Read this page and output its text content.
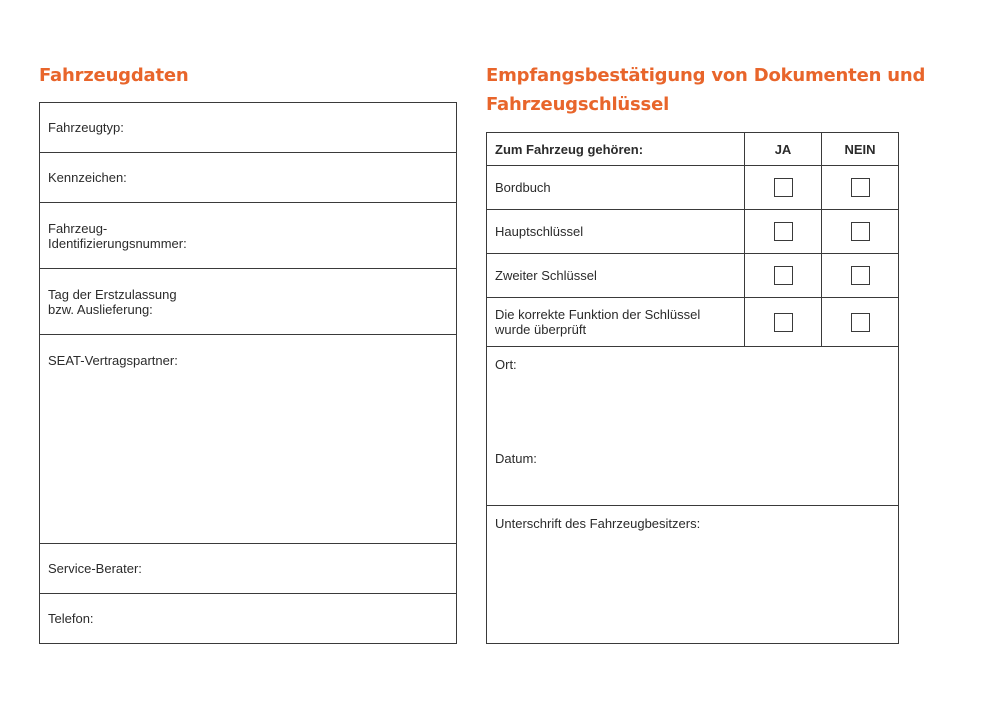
Fahrzeugdaten
Fahrzeugtyp:
Kennzeichen:
Fahrzeug-
Identifizierungsnummer:
Tag der Erstzulassung
bzw. Auslieferung:
SEAT-Vertragspartner:
Service-Berater:
Telefon:
Empfangsbestätigung von Dokumenten und Fahrzeugschlüssel
Zum Fahrzeug gehören:	JA	NEIN
Bordbuch
Hauptschlüssel
Zweiter Schlüssel
Die korrekte Funktion der Schlüssel
wurde überprüft
Ort:
Datum:
Unterschrift des Fahrzeugbesitzers:
